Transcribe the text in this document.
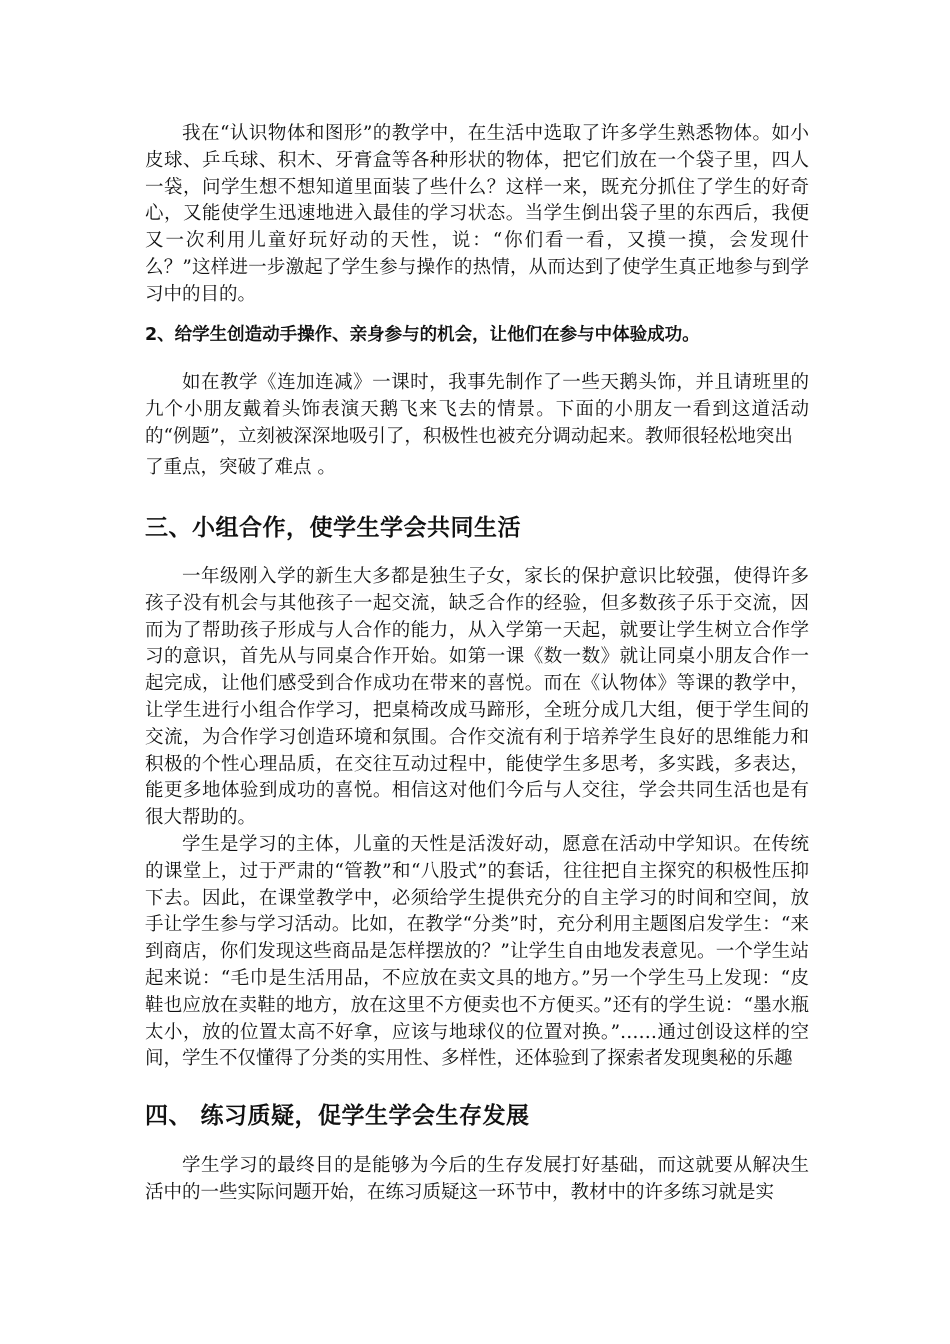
我在“认识物体和图形”的教学中，在生活中选取了许多学生熟悉物体。如小皮球、乒乓球、积木、牙膏盒等各种形状的物体，把它们放在一个袋子里，四人一袋，问学生想不想知道里面装了些什么？这样一来，既充分抓住了学生的好奇心，又能使学生迅速地进入最佳的学习状态。当学生倒出袋子里的东西后，我便又一次利用儿童好玩好动的天性，说：“你们看一看，又摸一摸，会发现什么？”这样进一步激起了学生参与操作的热情，从而达到了使学生真正地参与到学习中的目的。

2、给学生创造动手操作、亲身参与的机会，让他们在参与中体验成功。

如在教学《连加连减》一课时，我事先制作了一些天鹅头饰，并且请班里的九个小朋友戴着头饰表演天鹅飞来飞去的情景。下面的小朋友一看到这道活动的“例题”，立刻被深深地吸引了，积极性也被充分调动起来。教师很轻松地突出

了重点，突破了难点 。

三、小组合作，使学生学会共同生活

一年级刚入学的新生大多都是独生子女，家长的保护意识比较强，使得许多孩子没有机会与其他孩子一起交流，缺乏合作的经验，但多数孩子乐于交流，因而为了帮助孩子形成与人合作的能力，从入学第一天起，就要让学生树立合作学习的意识，首先从与同桌合作开始。如第一课《数一数》就让同桌小朋友合作一起完成，让他们感受到合作成功在带来的喜悦。而在《认物体》等课的教学中，让学生进行小组合作学习，把桌椅改成马蹄形，全班分成几大组，便于学生间的交流，为合作学习创造环境和氛围。合作交流有利于培养学生良好的思维能力和积极的个性心理品质，在交往互动过程中，能使学生多思考，多实践，多表达，能更多地体验到成功的喜悦。相信这对他们今后与人交往，学会共同生活也是有很大帮助的。

学生是学习的主体，儿童的天性是活泼好动，愿意在活动中学知识。在传统的课堂上，过于严肃的“管教”和“八股式”的套话，往往把自主探究的积极性压抑下去。因此，在课堂教学中，必须给学生提供充分的自主学习的时间和空间，放手让学生参与学习活动。比如，在教学“分类”时，充分利用主题图启发学生：“来到商店，你们发现这些商品是怎样摆放的？”让学生自由地发表意见。一个学生站起来说：“毛巾是生活用品，不应放在卖文具的地方。”另一个学生马上发现：“皮鞋也应放在卖鞋的地方，放在这里不方便卖也不方便买。”还有的学生说：“墨水瓶太小，放的位置太高不好拿，应该与地球仪的位置对换。”……通过创设这样的空间，学生不仅懂得了分类的实用性、多样性，还体验到了探索者发现奥秘的乐趣

四、 练习质疑，促学生学会生存发展

学生学习的最终目的是能够为今后的生存发展打好基础，而这就要从解决生活中的一些实际问题开始，在练习质疑这一环节中，教材中的许多练习就是实
